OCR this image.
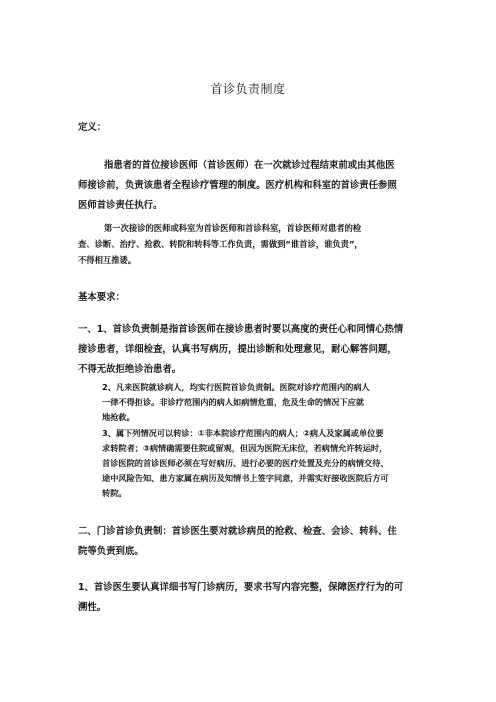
首诊负责制度

定义：

指患者的首位接诊医师（首诊医师）在一次就诊过程结束前或由其他医

师接诊前，负责该患者全程诊疗管理的制度。医疗机构和科室的首诊责任参照

医师首诊责任执行。

第一次接诊的医师或科室为首诊医师和首诊科室，首诊医师对患者的检

查、诊断、治疗、抢救、转院和转科等工作负责，需做到“谁首诊，谁负责”，

不得相互推诿。

基本要求：

一、1、首诊负责制是指首诊医师在接诊患者时要以高度的责任心和同情心热情

接诊患者，详细检查，认真书写病历，提出诊断和处理意见，耐心解答问题，

不得无故拒绝诊治患者。

2、凡来医院就诊病人，均实行医院首诊负责制。医院对诊疗范围内的病人

一律不得拒诊。非诊疗范围内的病人如病情危重，危及生命的情况下应就

地抢救。

3、属下列情况可以转诊：①非本院诊疗范围内的病人；②病人及家属或单位要

求转院者；③病情确需要住院或留观，但因为医院无床位，若病情允许转运时，

首诊医院的首诊医师必须在写好病历、进行必要的医疗处置及充分的病情交待、

途中风险告知、患方家属在病历及知情书上签字同意，并需实好接收医院后方可

转院。

二、门诊首诊负责制：首诊医生要对就诊病员的抢救、检查、会诊、转科、住

院等负责到底。

1、首诊医生要认真详细书写门诊病历，要求书写内容完整，保障医疗行为的可

溯性。
